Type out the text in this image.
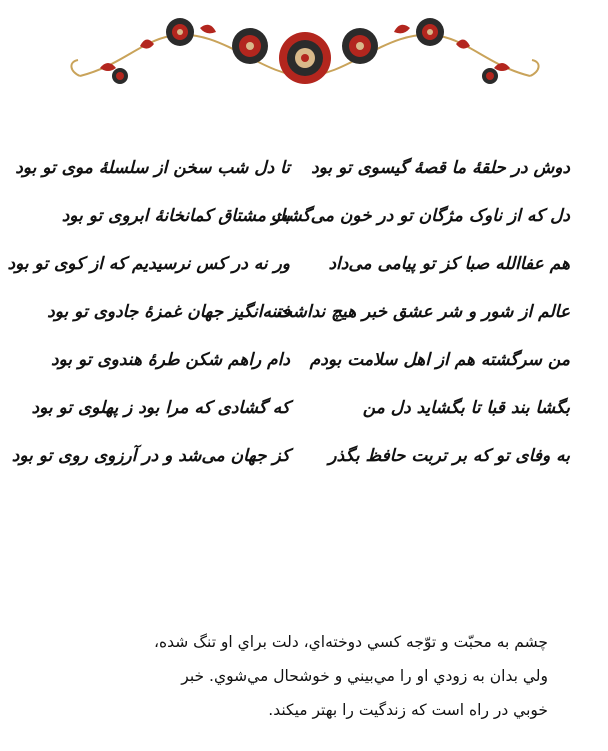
دوش در حلقهٔ ما قصهٔ گیسوی تو بود
تا دل شب سخن از سلسلهٔ موی تو بود
دل که از ناوک مژگان تو در خون می‌گشت
باز مشتاق کمانخانهٔ ابروی تو بود
هم عفاالله صبا کز تو پیامی می‌داد
ور نه در کس نرسیدیم که از کوی تو بود
عالم از شور و شر عشق خبر هیچ نداشت
فتنه‌انگیز جهان غمزهٔ جادوی تو بود
من سرگشته هم از اهل سلامت بودم
دام راهم شکن طرهٔ هندوی تو بود
بگشا بند قبا تا بگشاید دل من
که گشادی که مرا بود ز پهلوی تو بود
به وفای تو که بر تربت حافظ بگذر
کز جهان می‌شد و در آرزوی روی تو بود
چشم به محبّت و توّجه كسي دوخته‌اي، دلت براي او تنگ شده،
ولي بدان به زودي او را مي‌بيني و خوشحال مي‌شوي. خبر
خوبي در راه است كه زندگيت را بهتر ميكند.
